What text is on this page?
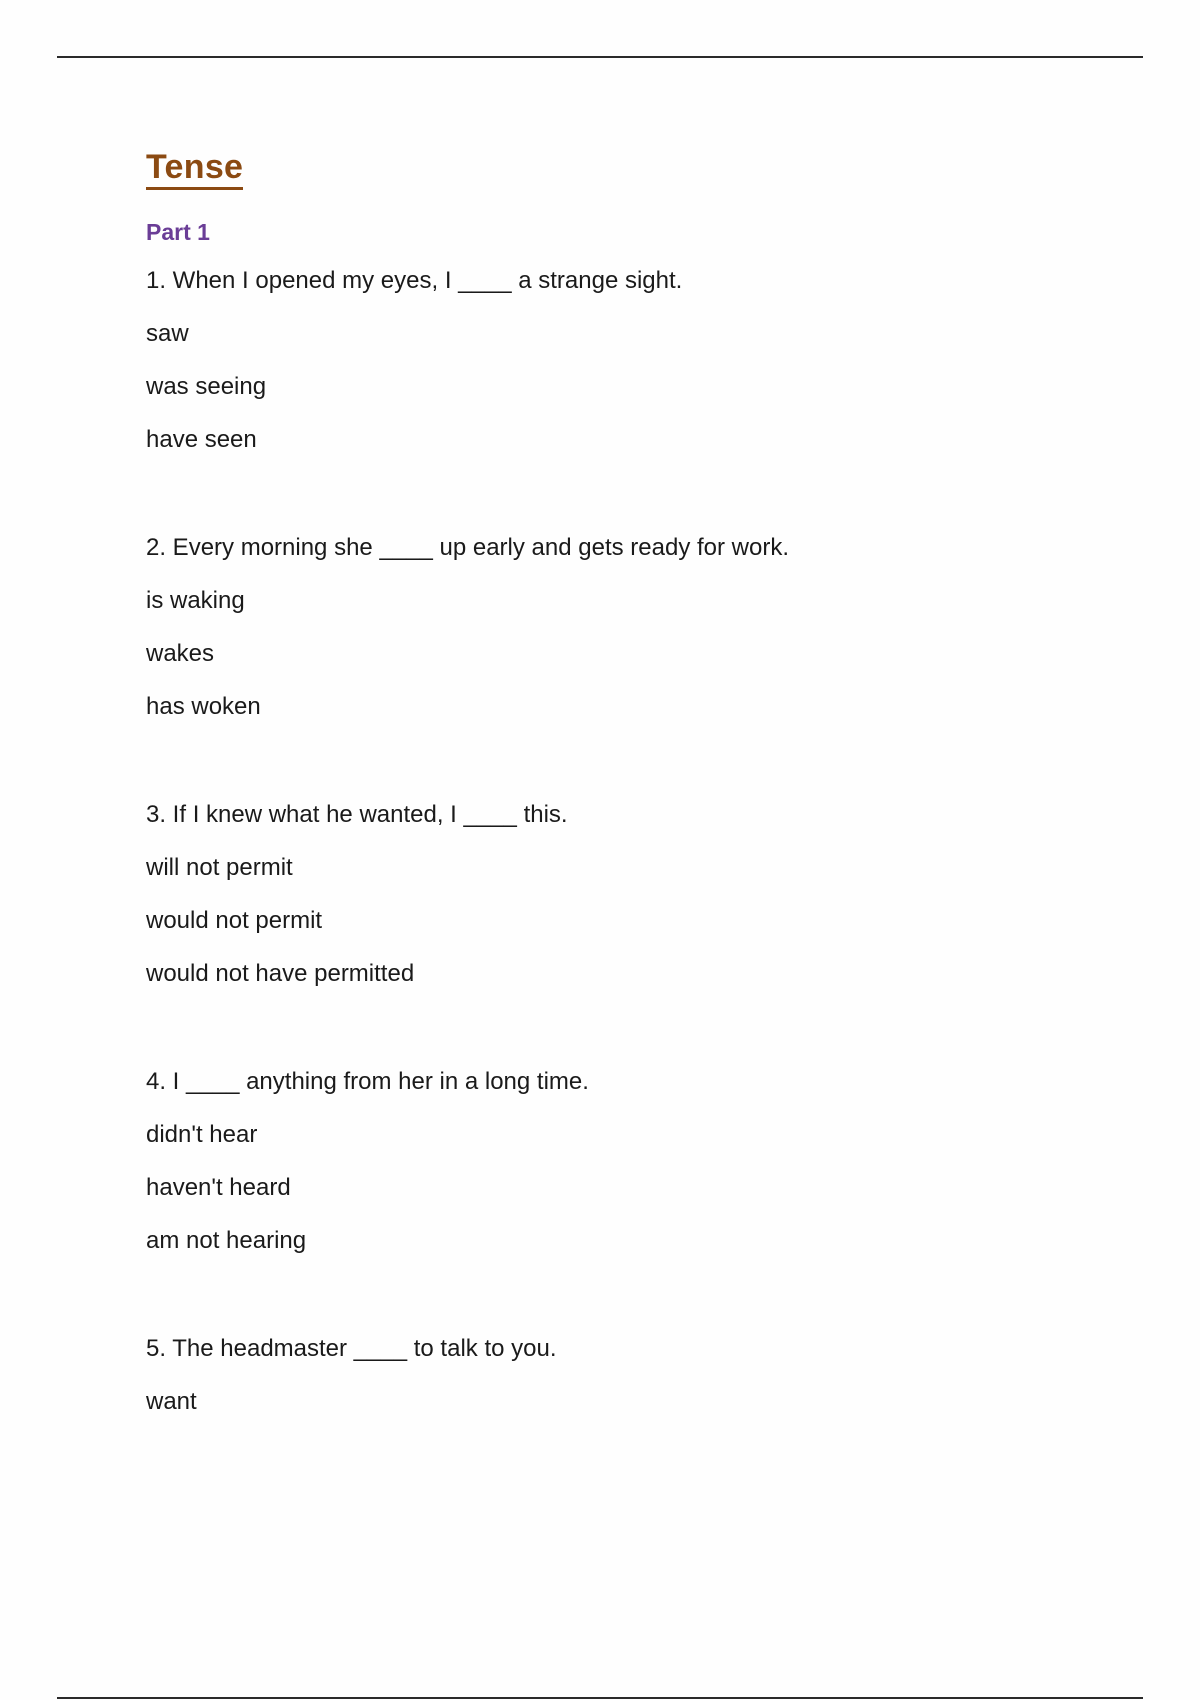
Tense
Part 1

1. When I opened my eyes, I ____ a strange sight.

saw
was seeing
have seen

2. Every morning she ____ up early and gets ready for work.

is waking
wakes
has woken

3. If I knew what he wanted, I ____ this.

will not permit
would not permit
would not have permitted

4. I ____ anything from her in a long time.

didn't hear
haven't heard
am not hearing

5. The headmaster ____ to talk to you.

want
